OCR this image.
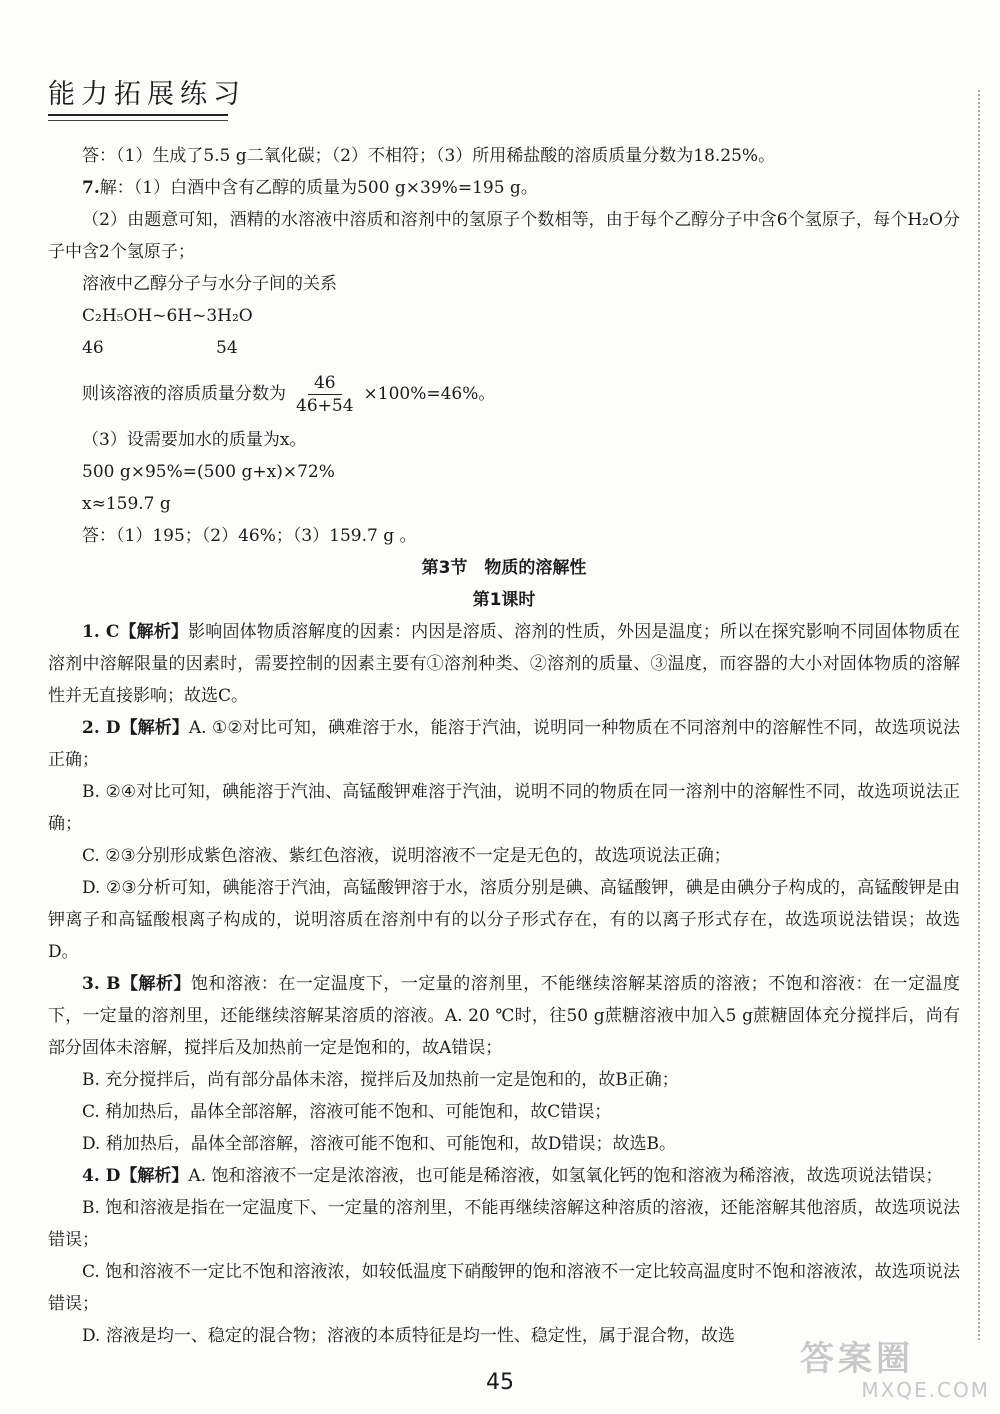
能力拓展练习

答：（1）生成了5.5 g二氧化碳；（2）不相符；（3）所用稀盐酸的溶质质量分数为18.25%。

7.解：（1）白酒中含有乙醇的质量为500 g×39%=195 g。

（2）由题意可知，酒精的水溶液中溶质和溶剂中的氢原子个数相等，由于每个乙醇分子中含6个氢原子，每个H₂O分子中含2个氢原子；

溶液中乙醇分子与水分子间的关系

C₂H₅OH~6H~3H₂O

46	54

则该溶液的溶质质量分数为 $\frac{46}{46+54} \times 100\%=46\%$。

（3）设需要加水的质量为x。

500 g×95%=(500 g+x)×72%

x≈159.7 g

答：（1）195；（2）46%；（3）159.7 g 。

第3节　物质的溶解性

第1课时

1. C【解析】影响固体物质溶解度的因素：内因是溶质、溶剂的性质，外因是温度；所以在探究影响不同固体物质在溶剂中溶解限量的因素时，需要控制的因素主要有①溶剂种类、②溶剂的质量、③温度，而容器的大小对固体物质的溶解性并无直接影响；故选C。

2. D【解析】A. ①②对比可知，碘难溶于水，能溶于汽油，说明同一种物质在不同溶剂中的溶解性不同，故选项说法正确；

B. ②④对比可知，碘能溶于汽油、高锰酸钾难溶于汽油，说明不同的物质在同一溶剂中的溶解性不同，故选项说法正确；

C. ②③分别形成紫色溶液、紫红色溶液，说明溶液不一定是无色的，故选项说法正确；

D. ②③分析可知，碘能溶于汽油，高锰酸钾溶于水，溶质分别是碘、高锰酸钾，碘是由碘分子构成的，高锰酸钾是由钾离子和高锰酸根离子构成的，说明溶质在溶剂中有的以分子形式存在，有的以离子形式存在，故选项说法错误；故选D。

3. B【解析】饱和溶液：在一定温度下，一定量的溶剂里，不能继续溶解某溶质的溶液；不饱和溶液：在一定温度下，一定量的溶剂里，还能继续溶解某溶质的溶液。A. 20 ℃时，往50 g蔗糖溶液中加入5 g蔗糖固体充分搅拌后，尚有部分固体未溶解，搅拌后及加热前一定是饱和的，故A错误；

B. 充分搅拌后，尚有部分晶体未溶，搅拌后及加热前一定是饱和的，故B正确；

C. 稍加热后，晶体全部溶解，溶液可能不饱和、可能饱和，故C错误；

D. 稍加热后，晶体全部溶解，溶液可能不饱和、可能饱和，故D错误；故选B。

4. D【解析】A. 饱和溶液不一定是浓溶液，也可能是稀溶液，如氢氧化钙的饱和溶液为稀溶液，故选项说法错误；

B. 饱和溶液是指在一定温度下、一定量的溶剂里，不能再继续溶解这种溶质的溶液，还能溶解其他溶质，故选项说法错误；

C. 饱和溶液不一定比不饱和溶液浓，如较低温度下硝酸钾的饱和溶液不一定比较高温度时不饱和溶液浓，故选项说法错误；

D. 溶液是均一、稳定的混合物；溶液的本质特征是均一性、稳定性，属于混合物，故选

45
答案圈
MXQE.COM
